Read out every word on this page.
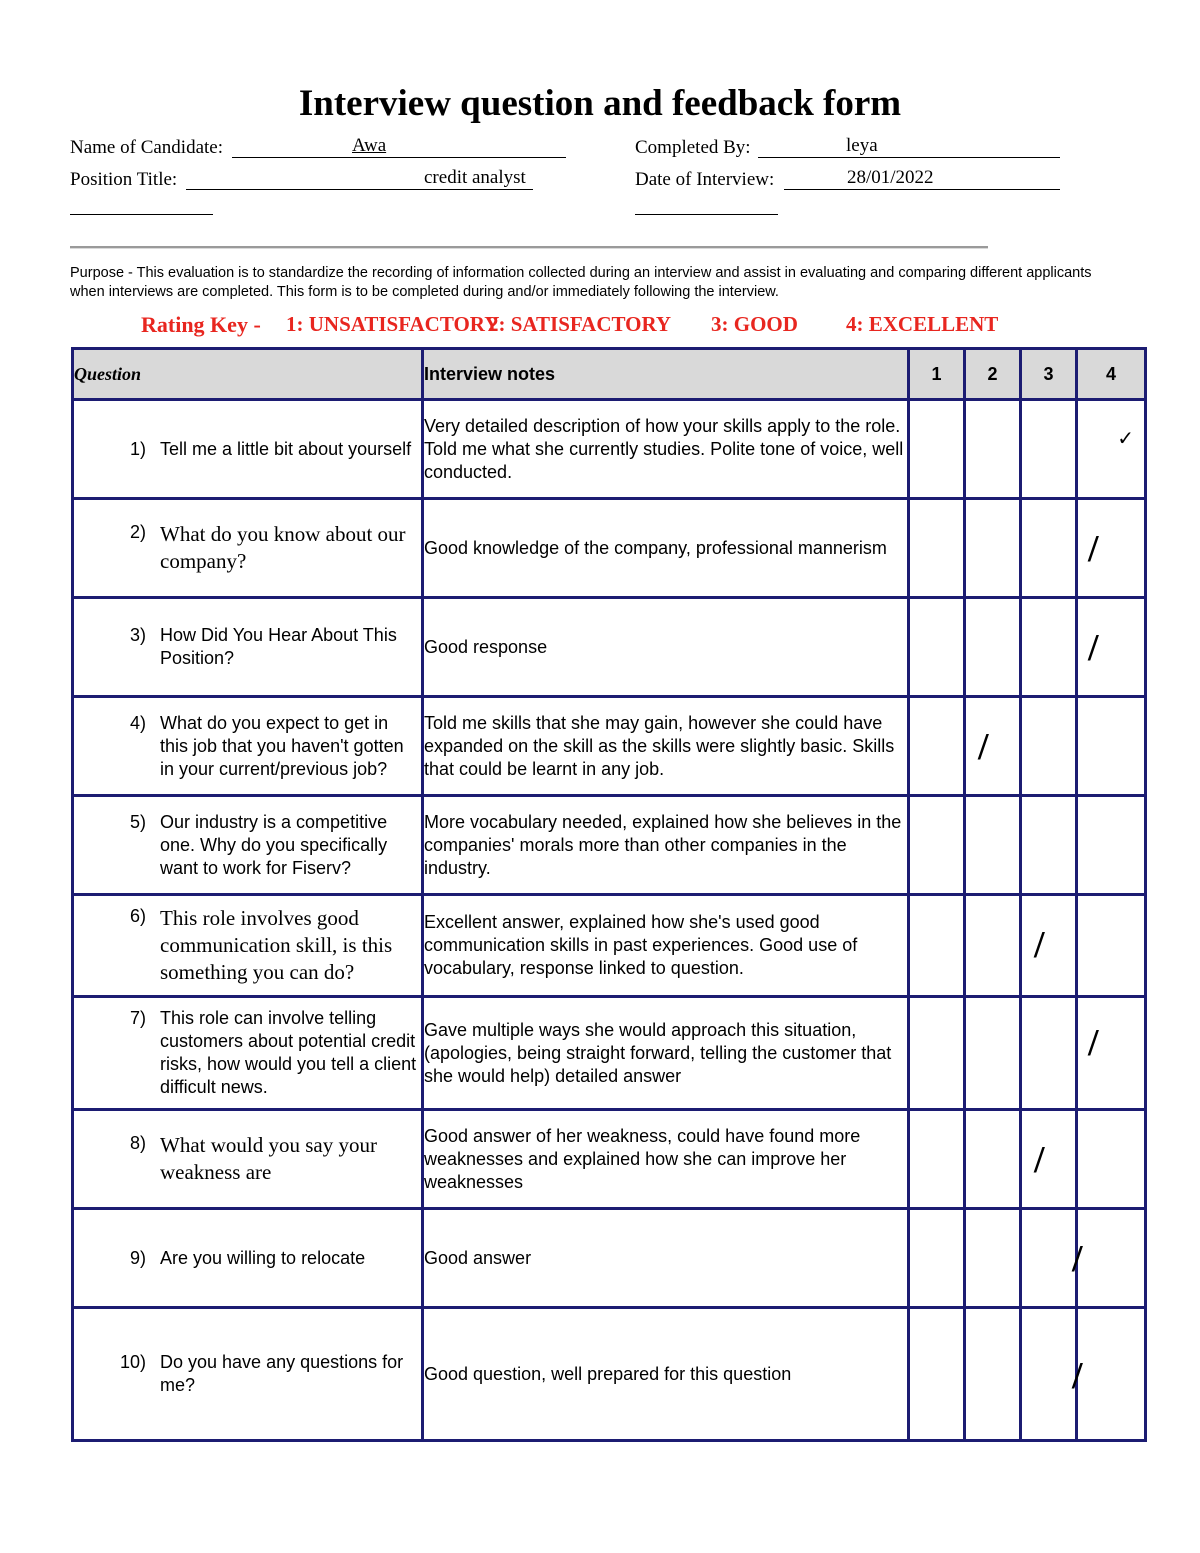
Interview question and feedback form
Name of Candidate:	Awa	Completed By:	leya
Position Title:	credit analyst	Date of Interview:	28/01/2022
Purpose - This evaluation is to standardize the recording of information collected during an interview and assist in evaluating and comparing different applicants when interviews are completed. This form is to be completed during and/or immediately following the interview.
Rating Key - 1: UNSATISFACTORY
2: SATISFACTORY 3: GOOD 4: EXCELLENT
Question	Interview notes	1	2	3	4

1) Tell me a little bit about yourself	Very detailed description of how your skills apply to the role. Told me what she currently studies. Polite tone of voice, well conducted.				✓

2) What do you know about our company?	Good knowledge of the company, professional mannerism				/

3) How Did You Hear About This Position?	Good response				/

4) What do you expect to get in this job that you haven't gotten in your current/previous job?	Told me skills that she may gain, however she could have expanded on the skill as the skills were slightly basic. Skills that could be learnt in any job.		/		

5) Our industry is a competitive one. Why do you specifically want to work for Fiserv?	More vocabulary needed, explained how she believes in the companies' morals more than other companies in the industry.				

6) This role involves good communication skill, is this something you can do?	Excellent answer, explained how she's used good communication skills in past experiences. Good use of vocabulary, response linked to question.			/	

7) This role can involve telling customers about potential credit risks, how would you tell a client difficult news.	Gave multiple ways she would approach this situation, (apologies, being straight forward, telling the customer that she would help) detailed answer				/

8) What would you say your weakness are	Good answer of her weakness, could have found more weaknesses and explained how she can improve her weaknesses			/	

9) Are you willing to relocate	Good answer				/

10) Do you have any questions for me?	Good question, well prepared for this question				/
